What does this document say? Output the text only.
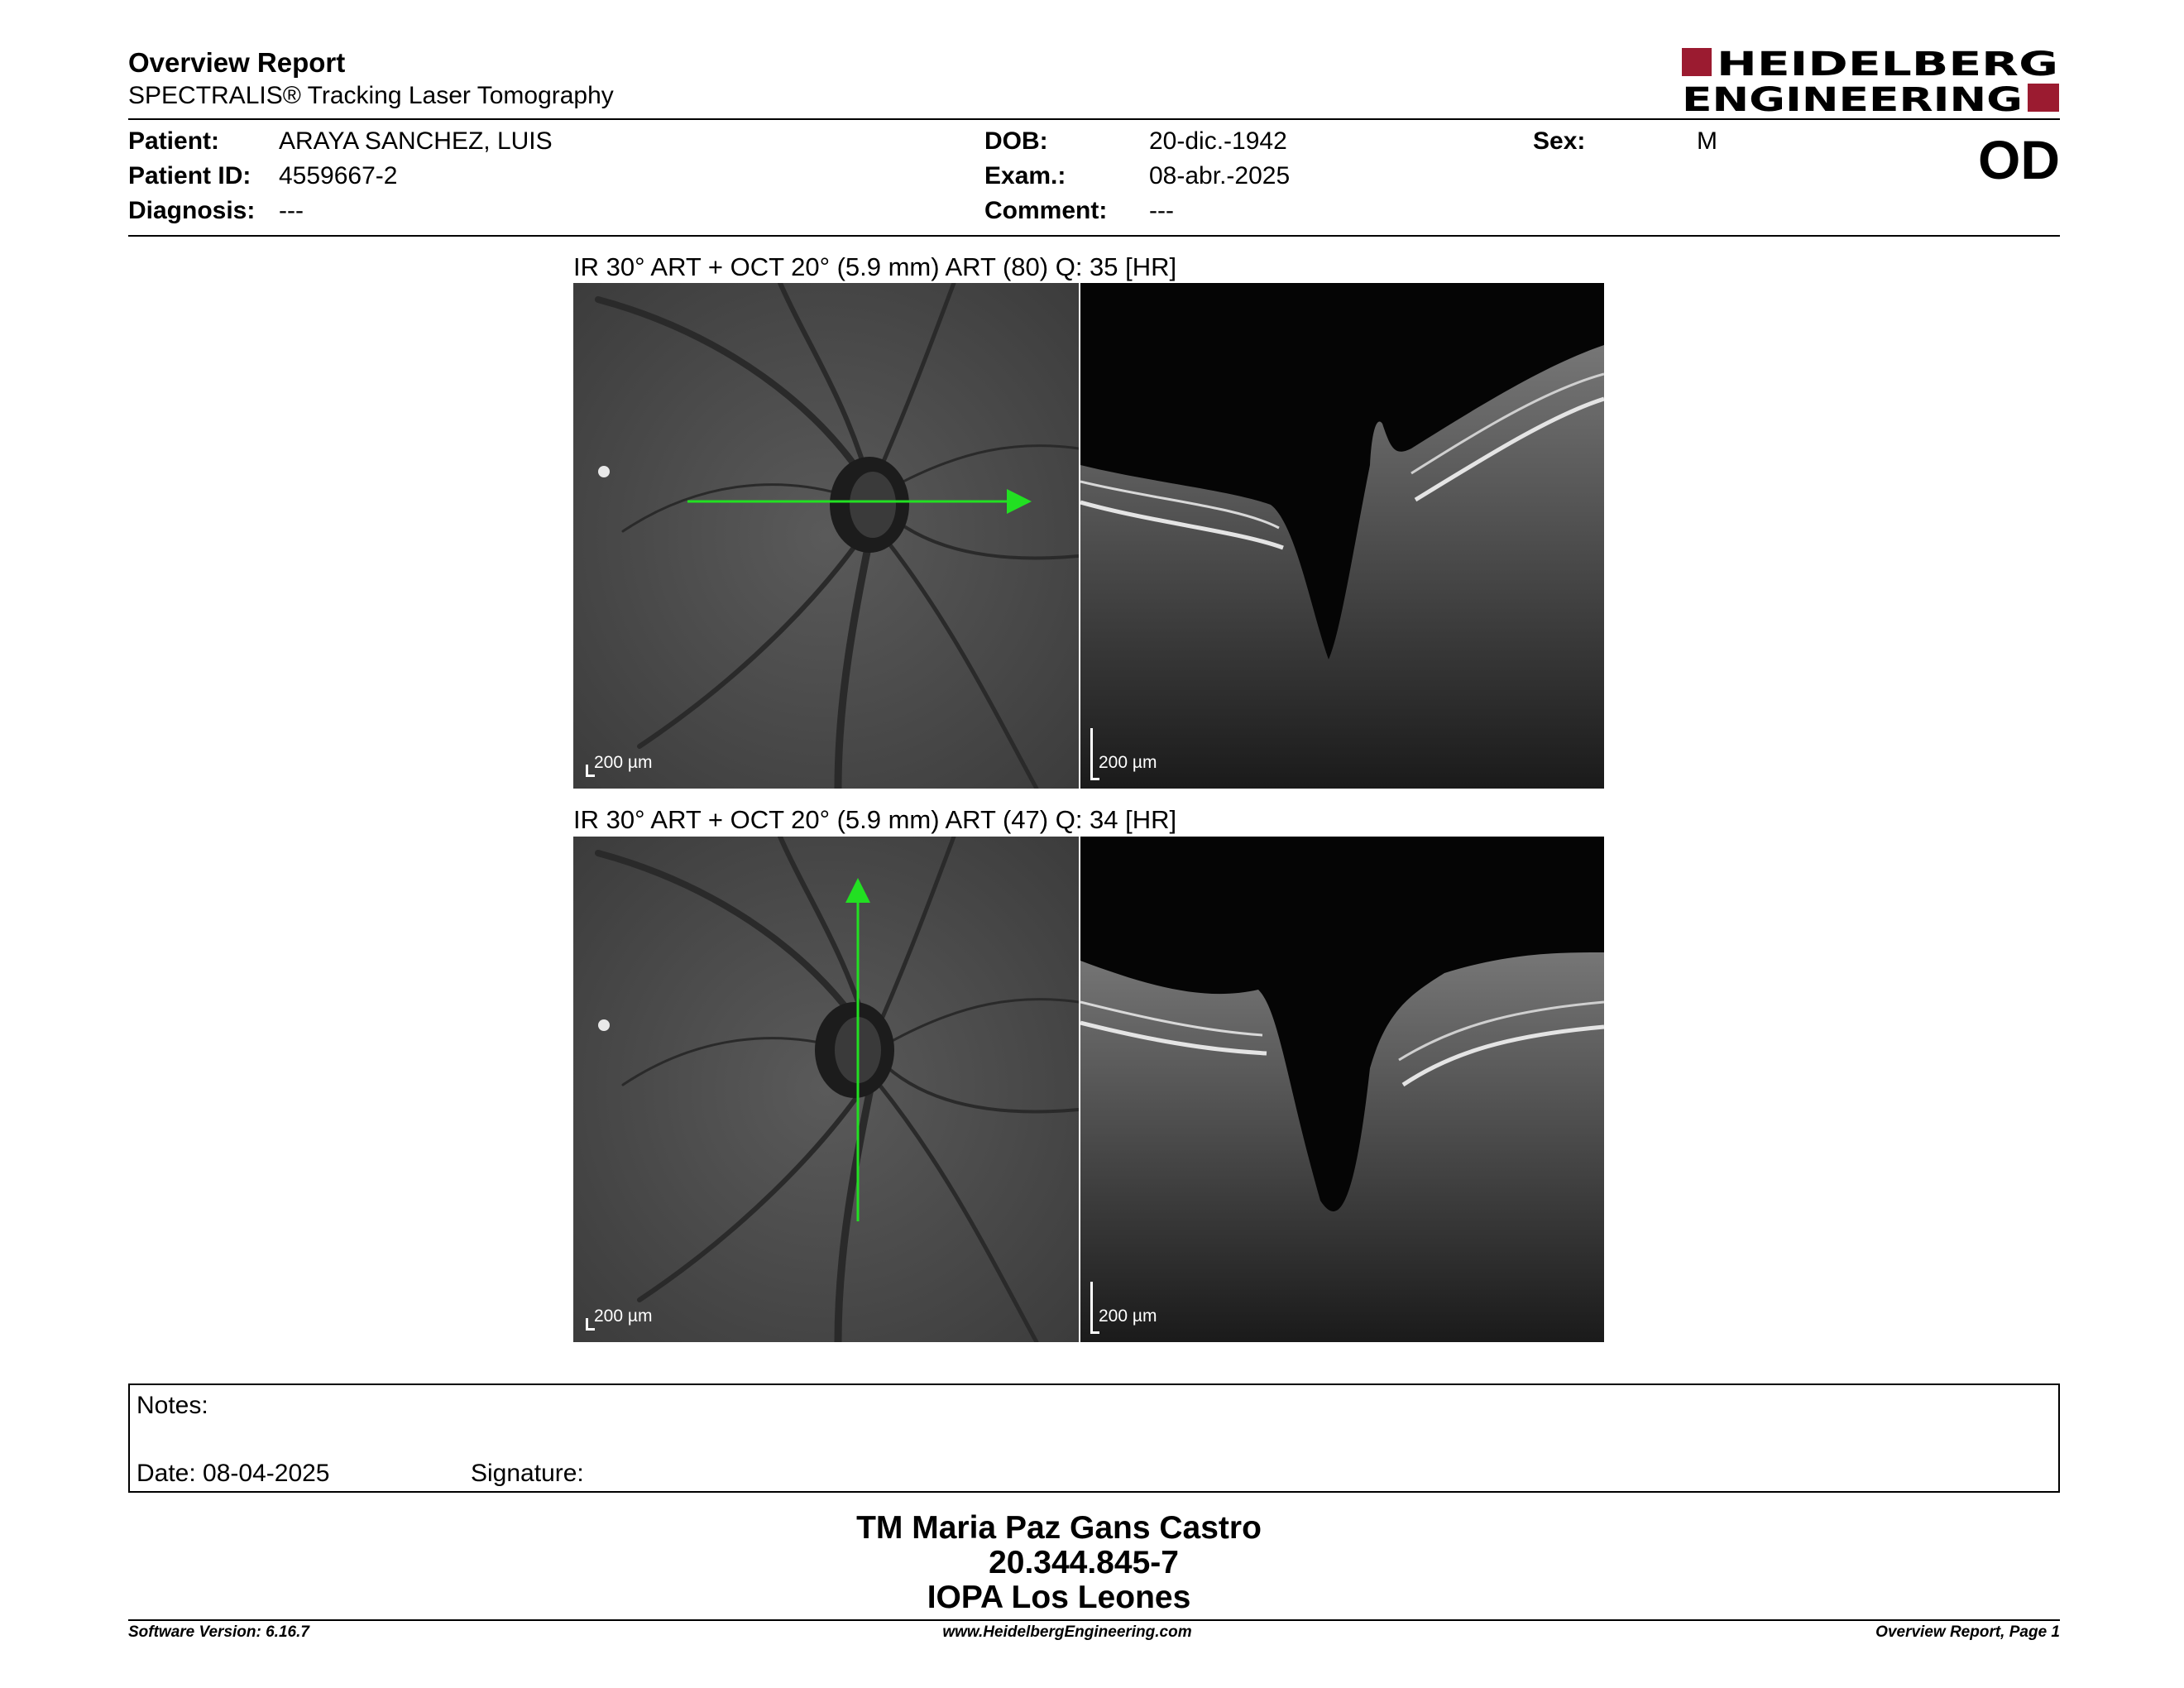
Overview Report
SPECTRALIS® Tracking Laser Tomography
HEIDELBERG
ENGINEERING
Patient: ARAYA SANCHEZ, LUIS
Patient ID: 4559667-2
Diagnosis: ---
DOB:	20-dic.-1942
Exam.:	08-abr.-2025
Comment: ---
Sex:	M	OD
IR 30° ART + OCT 20° (5.9 mm) ART (80) Q: 35 [HR]
200 µm	200 µm
IR 30° ART + OCT 20° (5.9 mm) ART (47) Q: 34 [HR]
200 µm	200 µm
Notes:
Date: 08-04-2025	Signature:
TM Maria Paz Gans Castro
20.344.845-7
IOPA Los Leones
Software Version: 6.16.7	www.HeidelbergEngineering.com	Overview Report, Page 1
